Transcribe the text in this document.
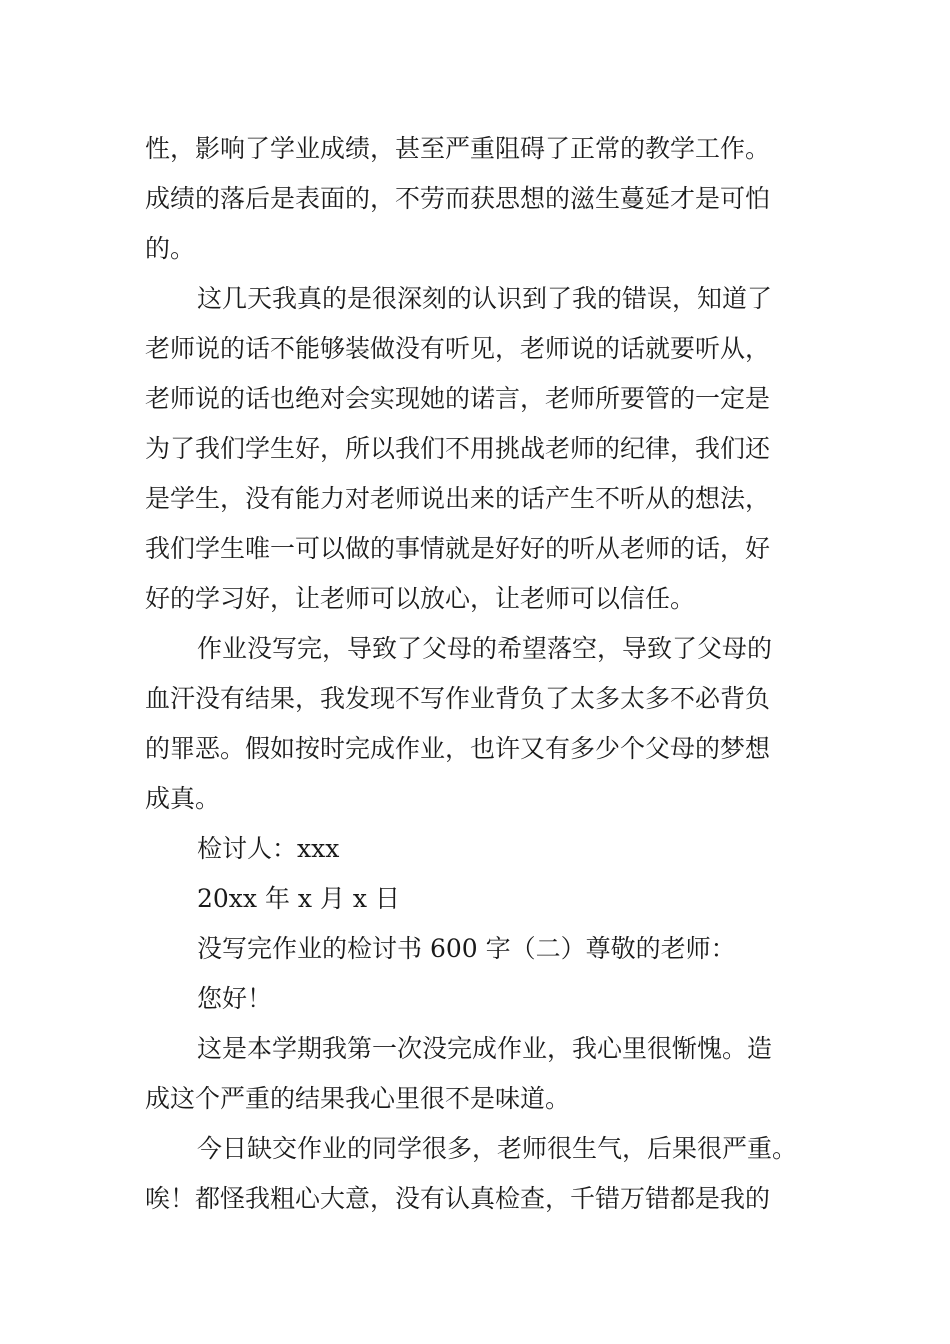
性，影响了学业成绩，甚至严重阻碍了正常的教学工作。
成绩的落后是表面的，不劳而获思想的滋生蔓延才是可怕
的。
这几天我真的是很深刻的认识到了我的错误，知道了
老师说的话不能够装做没有听见，老师说的话就要听从，
老师说的话也绝对会实现她的诺言，老师所要管的一定是
为了我们学生好，所以我们不用挑战老师的纪律，我们还
是学生，没有能力对老师说出来的话产生不听从的想法，
我们学生唯一可以做的事情就是好好的听从老师的话，好
好的学习好，让老师可以放心，让老师可以信任。
作业没写完，导致了父母的希望落空，导致了父母的
血汗没有结果，我发现不写作业背负了太多太多不必背负
的罪恶。假如按时完成作业，也许又有多少个父母的梦想
成真。
检讨人：xxx
20xx 年 x 月 x 日
没写完作业的检讨书 600 字（二）尊敬的老师：
您好！
这是本学期我第一次没完成作业，我心里很惭愧。造
成这个严重的结果我心里很不是味道。
今日缺交作业的同学很多，老师很生气，后果很严重。
唉！都怪我粗心大意，没有认真检查，千错万错都是我的
